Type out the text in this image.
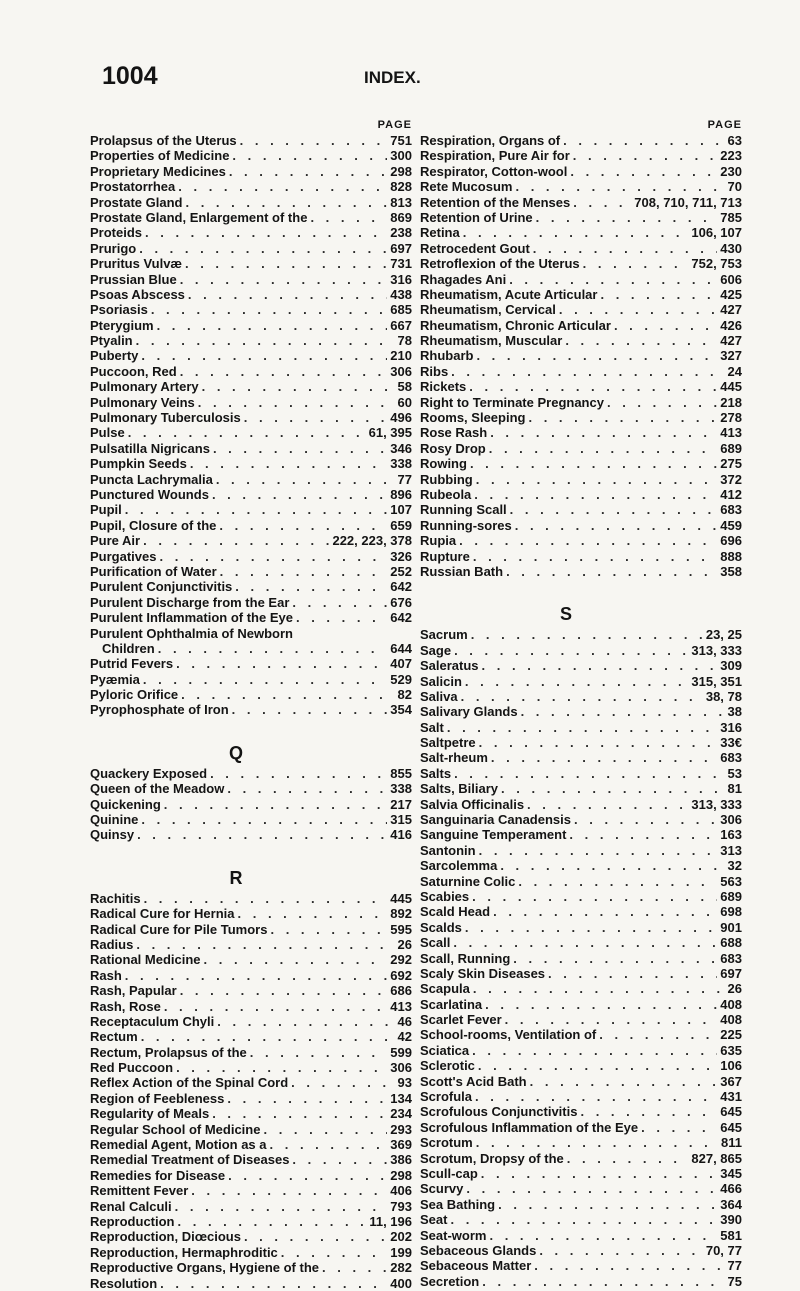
1004	INDEX.
PAGE
Prolapsus of the Uterus . . .	751
Properties of Medicine . . .	300
Proprietary Medicines . . .	298
Prostatorrhea . . .	828
Prostate Gland . . .	813
Prostate Gland, Enlargement of the . . .	869
Proteids . . .	238
Prurigo . . .	697
Pruritus Vulvæ . . .	731
Prussian Blue . . .	316
Psoas Abscess . . .	438
Psoriasis . . .	685
Pterygium . . .	667
Ptyalin . . .	78
Puberty . . .	210
Puccoon, Red . . .	306
Pulmonary Artery . . .	58
Pulmonary Veins . . .	60
Pulmonary Tuberculosis . . .	496
Pulse . . .	61, 395
Pulsatilla Nigricans . . .	346
Pumpkin Seeds . . .	338
Puncta Lachrymalia . . .	77
Punctured Wounds . . .	896
Pupil . . .	107
Pupil, Closure of the . . .	659
Pure Air . . .	222, 223, 378
Purgatives . . .	326
Purification of Water . . .	252
Purulent Conjunctivitis . . .	642
Purulent Discharge from the Ear . . .	676
Purulent Inflammation of the Eye . . .	642
Purulent Ophthalmia of Newborn
Children . . .	644
Putrid Fevers . . .	407
Pyæmia . . .	529
Pyloric Orifice . . .	82
Pyrophosphate of Iron . . .	354
Q
Quackery Exposed . . .	855
Queen of the Meadow . . .	338
Quickening . . .	217
Quinine . . .	315
Quinsy . . .	416
R
Rachitis . . .	445
Radical Cure for Hernia . . .	892
Radical Cure for Pile Tumors . . .	595
Radius . . .	26
Rational Medicine . . .	292
Rash . . .	692
Rash, Papular . . .	686
Rash, Rose . . .	413
Receptaculum Chyli . . .	46
Rectum . . .	42
Rectum, Prolapsus of the . . .	599
Red Puccoon . . .	306
Reflex Action of the Spinal Cord . . .	93
Region of Feebleness . . .	134
Regularity of Meals . . .	234
Regular School of Medicine . . .	293
Remedial Agent, Motion as a . . .	369
Remedial Treatment of Diseases . . .	386
Remedies for Disease . . .	298
Remittent Fever . . .	406
Renal Calculi . . .	793
Reproduction . . .	11, 196
Reproduction, Diœcious . . .	202
Reproduction, Hermaphroditic . . .	199
Reproductive Organs, Hygiene of the . . .	282
Resolution . . .	400
PAGE
Respiration, Organs of . . .	63
Respiration, Pure Air for . . .	223
Respirator, Cotton-wool . . .	230
Rete Mucosum . . .	70
Retention of the Menses . . .	708, 710, 711, 713
Retention of Urine . . .	785
Retina . . .	106, 107
Retrocedent Gout . . .	430
Retroflexion of the Uterus . . .	752, 753
Rhagades Ani . . .	606
Rheumatism, Acute Articular . . .	425
Rheumatism, Cervical . . .	427
Rheumatism, Chronic Articular . . .	426
Rheumatism, Muscular . . .	427
Rhubarb . . .	327
Ribs . . .	24
Rickets . . .	445
Right to Terminate Pregnancy . . .	218
Rooms, Sleeping . . .	278
Rose Rash . . .	413
Rosy Drop . . .	689
Rowing . . .	275
Rubbing . . .	372
Rubeola . . .	412
Running Scall . . .	683
Running-sores . . .	459
Rupia . . .	696
Rupture . . .	888
Russian Bath . . .	358
S
Sacrum . . .	23, 25
Sage . . .	313, 333
Saleratus . . .	309
Salicin . . .	315, 351
Saliva . . .	38, 78
Salivary Glands . . .	38
Salt . . .	316
Saltpetre . . .	33€
Salt-rheum . . .	683
Salts . . .	53
Salts, Biliary . . .	81
Salvia Officinalis . . .	313, 333
Sanguinaria Canadensis . . .	306
Sanguine Temperament . . .	163
Santonin . . .	313
Sarcolemma . . .	32
Saturnine Colic . . .	563
Scabies . . .	689
Scald Head . . .	698
Scalds . . .	901
Scall . . .	688
Scall, Running . . .	683
Scaly Skin Diseases . . .	697
Scapula . . .	26
Scarlatina . . .	408
Scarlet Fever . . .	408
School-rooms, Ventilation of . . .	225
Sciatica . . .	635
Sclerotic . . .	106
Scott's Acid Bath . . .	367
Scrofula . . .	431
Scrofulous Conjunctivitis . . .	645
Scrofulous Inflammation of the Eye . . .	645
Scrotum . . .	811
Scrotum, Dropsy of the . . .	827, 865
Scull-cap . . .	345
Scurvy . . .	466
Sea Bathing . . .	364
Seat . . .	390
Seat-worm . . .	581
Sebaceous Glands . . .	70, 77
Sebaceous Matter . . .	77
Secretion . . .	75
